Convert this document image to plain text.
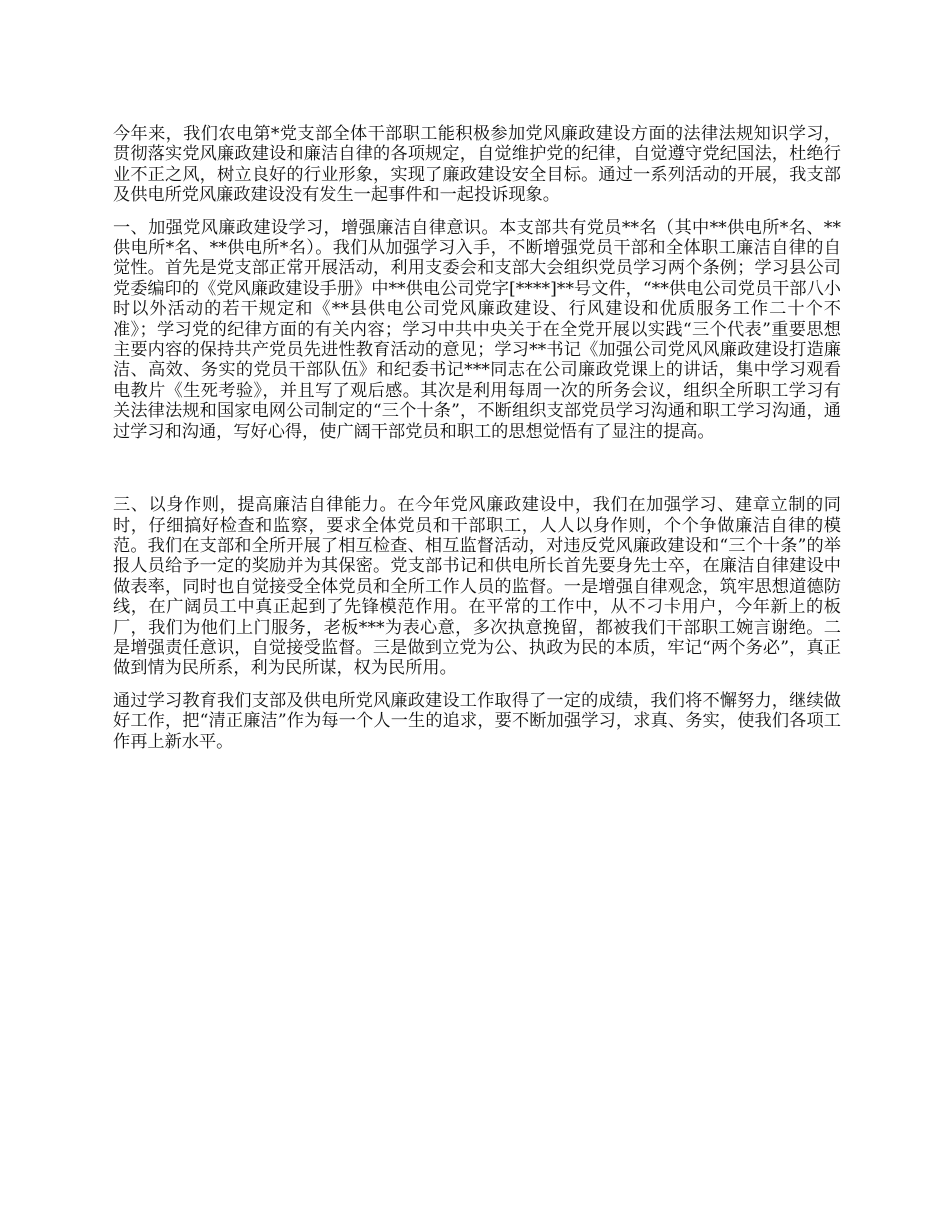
今年来，我们农电第*党支部全体干部职工能积极参加党风廉政建设方面的法律法规知识学习，贯彻落实党风廉政建设和廉洁自律的各项规定，自觉维护党的纪律，自觉遵守党纪国法，杜绝行业不正之风，树立良好的行业形象，实现了廉政建设安全目标。通过一系列活动的开展，我支部及供电所党风廉政建设没有发生一起事件和一起投诉现象。

一、加强党风廉政建设学习，增强廉洁自律意识。本支部共有党员**名（其中**供电所*名、**供电所*名、**供电所*名）。我们从加强学习入手，不断增强党员干部和全体职工廉洁自律的自觉性。首先是党支部正常开展活动，利用支委会和支部大会组织党员学习两个条例；学习县公司党委编印的《党风廉政建设手册》中**供电公司党字[****]**号文件，“**供电公司党员干部八小时以外活动的若干规定和《**县供电公司党风廉政建设、行风建设和优质服务工作二十个不准》；学习党的纪律方面的有关内容；学习中共中央关于在全党开展以实践“三个代表”重要思想主要内容的保持共产党员先进性教育活动的意见；学习**书记《加强公司党风风廉政建设打造廉洁、高效、务实的党员干部队伍》和纪委书记***同志在公司廉政党课上的讲话，集中学习观看电教片《生死考验》，并且写了观后感。其次是利用每周一次的所务会议，组织全所职工学习有关法律法规和国家电网公司制定的“三个十条”，不断组织支部党员学习沟通和职工学习沟通，通过学习和沟通，写好心得，使广阔干部党员和职工的思想觉悟有了显注的提高。

三、以身作则，提高廉洁自律能力。在今年党风廉政建设中，我们在加强学习、建章立制的同时，仔细搞好检查和监察，要求全体党员和干部职工，人人以身作则，个个争做廉洁自律的模范。我们在支部和全所开展了相互检查、相互监督活动，对违反党风廉政建设和“三个十条”的举报人员给予一定的奖励并为其保密。党支部书记和供电所长首先要身先士卒，在廉洁自律建设中做表率，同时也自觉接受全体党员和全所工作人员的监督。一是增强自律观念，筑牢思想道德防线，在广阔员工中真正起到了先锋模范作用。在平常的工作中，从不刁卡用户，今年新上的板厂，我们为他们上门服务，老板***为表心意，多次执意挽留，都被我们干部职工婉言谢绝。二是增强责任意识，自觉接受监督。三是做到立党为公、执政为民的本质，牢记“两个务必”，真正做到情为民所系，利为民所谋，权为民所用。

通过学习教育我们支部及供电所党风廉政建设工作取得了一定的成绩，我们将不懈努力，继续做好工作，把“清正廉洁”作为每一个人一生的追求，要不断加强学习，求真、务实，使我们各项工作再上新水平。
